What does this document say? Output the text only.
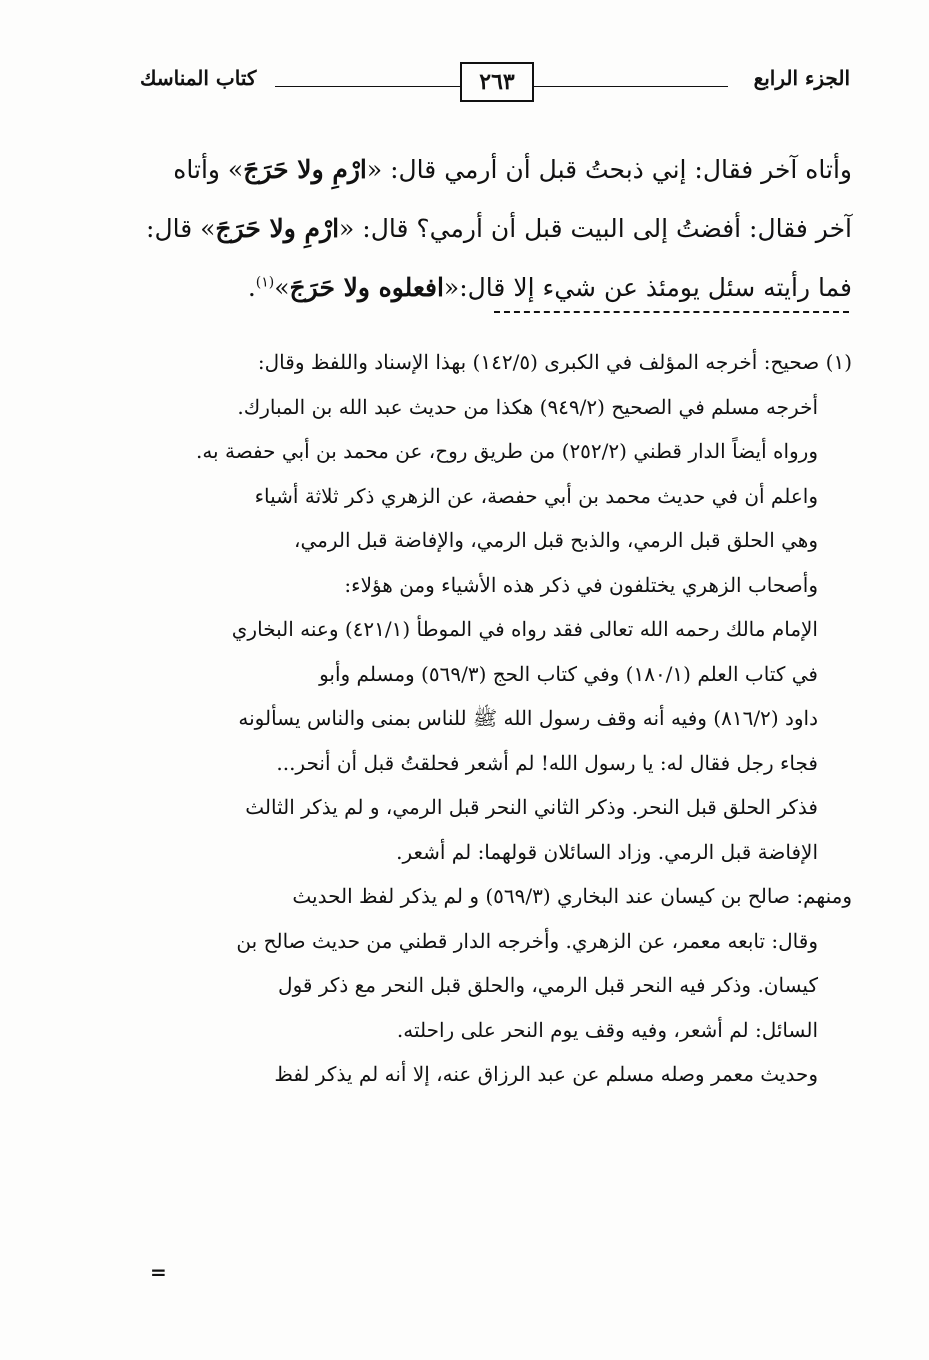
الجزء الرابع
٢٦٣
كتاب المناسك

وأتاه آخر فقال: إني ذبحتُ قبل أن أرمي قال: «ارْمِ ولا حَرَجَ» وأتاه

آخر فقال: أفضتُ إلى البيت قبل أن أرمي؟ قال: «ارْمِ ولا حَرَجَ» قال:

فما رأيته سئل يومئذ عن شيء إلا قال:«افعلوه ولا حَرَجَ»$^{(١)}$.

(١) صحيح: أخرجه المؤلف في الكبرى (١٤٢/٥) بهذا الإسناد واللفظ وقال:

أخرجه مسلم في الصحيح (٩٤٩/٢) هكذا من حديث عبد الله بن المبارك.

ورواه أيضاً الدار قطني (٢٥٢/٢) من طريق روح، عن محمد بن أبي حفصة به.

واعلم أن في حديث محمد بن أبي حفصة، عن الزهري ذكر ثلاثة أشياء

وهي الحلق قبل الرمي، والذبح قبل الرمي، والإفاضة قبل الرمي،

وأصحاب الزهري يختلفون في ذكر هذه الأشياء ومن هؤلاء:

الإمام مالك رحمه الله تعالى فقد رواه في الموطأ (٤٢١/١) وعنه البخاري

في كتاب العلم (١٨٠/١) وفي كتاب الحج (٥٦٩/٣) ومسلم وأبو

داود (٨١٦/٢) وفيه أنه وقف رسول الله ﷺ للناس بمنى والناس يسألونه

فجاء رجل فقال له: يا رسول الله! لم أشعر فحلقتُ قبل أن أنحر...

فذكر الحلق قبل النحر. وذكر الثاني النحر قبل الرمي، و لم يذكر الثالث

الإفاضة قبل الرمي. وزاد السائلان قولهما: لم أشعر.

ومنهم: صالح بن كيسان عند البخاري (٥٦٩/٣) و لم يذكر لفظ الحديث

وقال: تابعه معمر، عن الزهري. وأخرجه الدار قطني من حديث صالح بن

كيسان. وذكر فيه النحر قبل الرمي، والحلق قبل النحر مع ذكر قول

السائل: لم أشعر، وفيه وقف يوم النحر على راحلته.

وحديث معمر وصله مسلم عن عبد الرزاق عنه، إلا أنه لم يذكر لفظ

=
